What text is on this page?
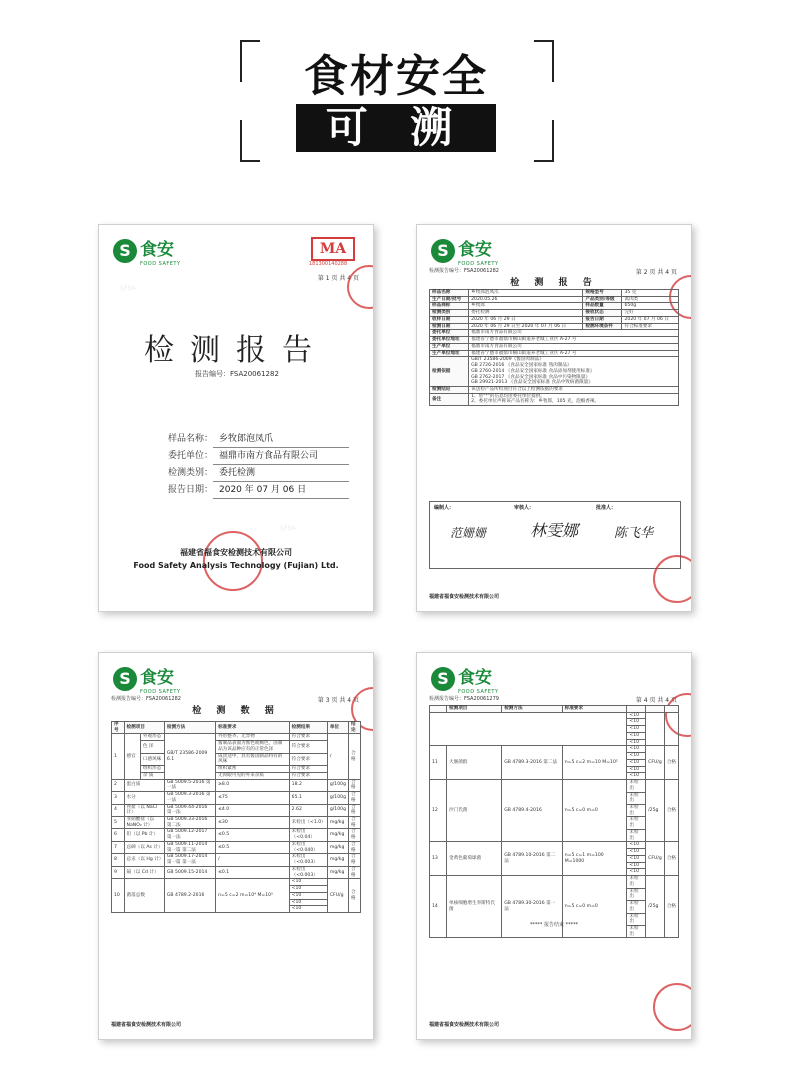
食材安全
可 溯 源
◎FSA
◎FSA
S 食安
FOOD SAFETY
MA
181300140288
第 1 页 共 4 页
检测报告
报告编号：FSA20061282
样品名称： 乡牧郎泡凤爪
委托单位： 福鼎市南方食品有限公司
检测类别： 委托检测
报告日期： 2020 年 07 月 06 日
福建省福食安检测技术有限公司
Food Safety Analysis Technology (Fujian) Ltd.
S 食安
FOOD SAFETY
检测报告编号：FSA20061282	第 2 页 共 4 页
检 测 报 告
样品名称	乡牧郎泡凤爪	规格型号	35 克
生产日期/批号	2020.05.26	产品类别/等级	禽肉类
样品商标	乡牧郎	样品数量	650g
检测类别	委托检测	接收状态	完好
收样日期	2020 年 06 月 29 日	报告日期	2020 年 07 月 06 日
检测日期	2020 年 06 月 29 日至 2020 年 07 月 06 日	检测环境条件	符合标准要求
委托单位	福鼎市南方食品有限公司		
委托单位地址	福建省宁德市福鼎市桐山街道养老城工业区 A-27 号		
生产单位	福鼎市南方食品有限公司		
生产单位地址	福建省宁德市福鼎市桐山街道养老城工业区 A-27 号		
检测依据	GB/T 23586-2009《酱卤肉制品》
GB 2726-2016 《食品安全国家标准 熟肉制品》
GB 2760-2014 《食品安全国家标准 食品添加剂使用标准》
GB 2762-2017 《食品安全国家标准 食品中污染物限量》
GB 29921-2013 《食品安全国家标准 食品中致病菌限量》		

检测结论	该送检产品所检项目符合以上检测依据的要求		
备注	1、带"*"的信息均由委托单位提供。
2、委托单位声称该产品名称为：乡牧郎，105 克，泡椒香辣。		
编制人：	审核人：	批准人：
范姗姗	林雯娜	陈飞华
福建省福食安检测技术有限公司
S 食安
FOOD SAFETY
检测报告编号：FSA20061282	第 3 页 共 4 页
检 测 数 据
序号	检测项目		检测方法	标准要求	检测结果	单位	结论
1	感官	外观形态	GB/T 23586-2009 6.1	外形整齐、无异物	符合要求	/	合格
		色 泽		酱制品表面为酱色或褐色，卤制品为该品种应有的正常色泽	符合要求		
		口感风味		咸淡适中，具有酱卤制品特有的风味	符合要求		
		组织形态		组织紧密	符合要求		
		杂 质		无肉眼可见的外来杂质	符合要求		
2	蛋白质		GB 5009.5-2016 第一法	≥8.0	18.2	g/100g	合格
3	水分		GB 5009.3-2016 第一法	≤75	65.1	g/100g	合格
4	食盐（以 NaCl 计）		GB 5009.44-2016 第一法	≤4.0	2.62	g/100g	合格
5	亚硝酸盐（以 NaNO₂ 计）		GB 5009.33-2016 第二法	≤30	未检出（<1.0）	mg/kg	合格
6	铅（以 Pb 计）		GB 5009.12-2017 第一法	≤0.5	未检出（<0.04）	mg/kg	合格
7	总砷（以 As 计）		GB 5009.11-2014 第一篇 第二法	≤0.5	未检出（<0.040）	mg/kg	合格
8	总汞（以 Hg 计）		GB 5009.17-2014 第一篇 第一法	/	未检出（<0.003）	mg/kg	合格
9	镉（以 Cd 计）		GB 5009.15-2014	≤0.1	未检出（<0.003）	mg/kg	合格
10	菌落总数		GB 4789.2-2016	n=5 c=2 m=10⁴ M=10⁵	<10	CFU/g	合格
					<10		
					<10		
					<10		
					<10		
福建省福食安检测技术有限公司
S 食安
FOOD SAFETY
检测报告编号：FSA20061279	第 4 页 共 4 页
	检测项目	检测方法	标准要求			
				<10		
				<10		
				<10		
				<10		
				<10		
11	大肠菌群	GB 4789.3-2016 第二法	n=5 c=2 m=10 M=10²	<10	CFU/g	合格
				<10		
				<10		
				<10		
				<10		
12	沙门氏菌	GB 4789.4-2016	n=5 c=0 m=0	未检出	/25g	合格
				未检出		
				未检出		
				未检出		
				未检出		
13	金黄色葡萄球菌	GB 4789.10-2016 第二法	n=5 c=1 m=100 M=1000	<10	CFU/g	合格
				<10		
				<10		
				<10		
				<10		
14	单核细胞增生李斯特氏菌	GB 4789.30-2016 第一法	n=5 c=0 m=0	未检出	/25g	合格
				未检出		
				未检出		
				未检出		
				未检出		
***** 报告结束 *****
福建省福食安检测技术有限公司
